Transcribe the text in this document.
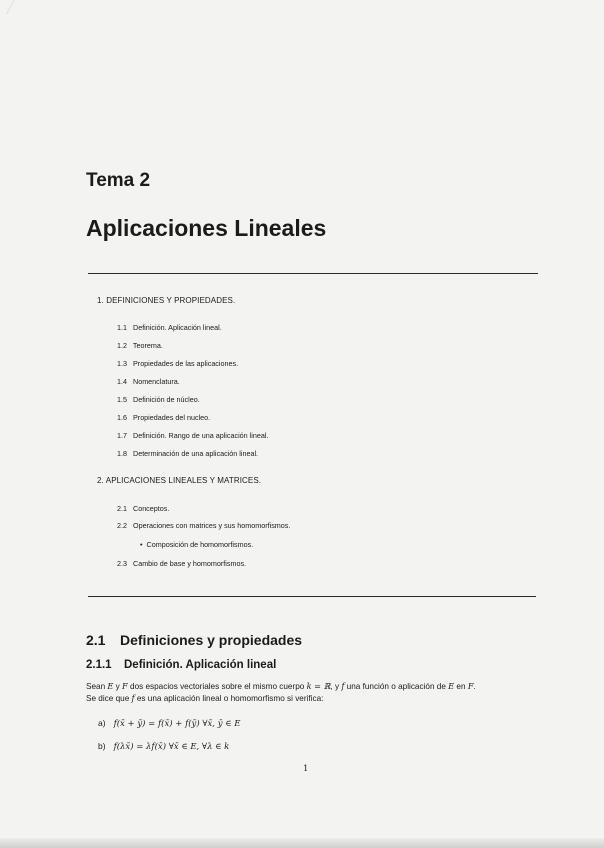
Tema 2
Aplicaciones Lineales
1. DEFINICIONES Y PROPIEDADES.
1.1 Definición. Aplicación lineal.
1.2 Teorema.
1.3 Propiedades de las aplicaciones.
1.4 Nomenclatura.
1.5 Definición de núcleo.
1.6 Propiedades del nucleo.
1.7 Definición. Rango de una aplicación lineal.
1.8 Determinación de una aplicación lineal.
2. APLICACIONES LINEALES Y MATRICES.
2.1 Conceptos.
2.2 Operaciones con matrices y sus homomorfismos.
• Composición de homomorfismos.
2.3 Cambio de base y homomorfismos.
2.1 Definiciones y propiedades
2.1.1 Definición. Aplicación lineal
Sean E y F dos espacios vectoriales sobre el mismo cuerpo k = ℝ, y f una función o aplicación de E en F.
Se dice que f es una aplicación lineal o homomorfismo si verifica:
a) f(x̄ + ȳ) = f(x̄) + f(ȳ) ∀x̄, ȳ ∈ E
b) f(λx̄) = λf(x̄) ∀x̄ ∈ E, ∀λ ∈ k
1
